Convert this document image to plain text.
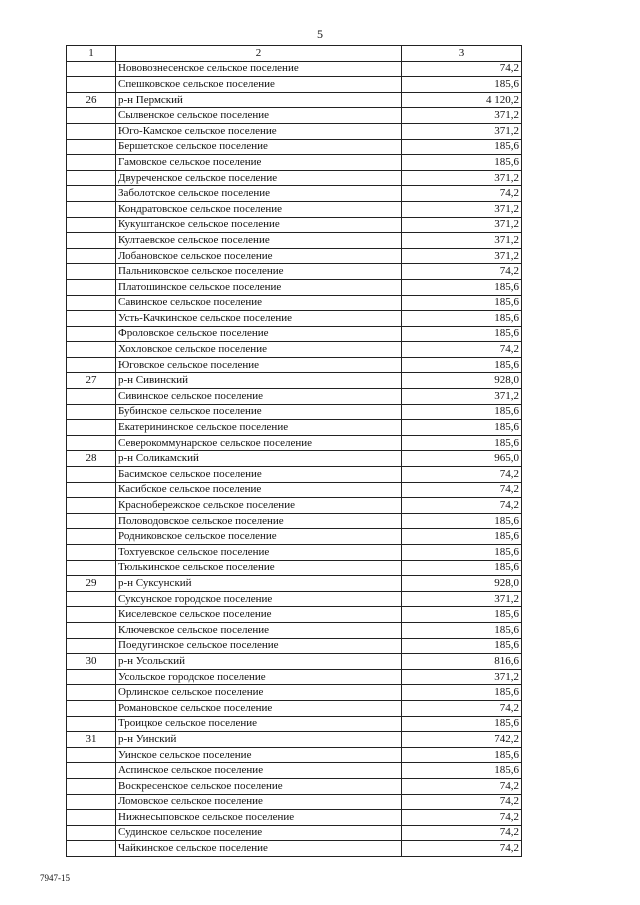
5
1	2	3
	Нововознесенское сельское поселение	74,2
	Спешковское сельское поселение	185,6
26	р-н Пермский	4 120,2
	Сылвенское сельское поселение	371,2
	Юго-Камское сельское поселение	371,2
	Бершетское сельское поселение	185,6
	Гамовское сельское поселение	185,6
	Двуреченское сельское поселение	371,2
	Заболотское сельское поселение	74,2
	Кондратовское сельское поселение	371,2
	Кукуштанское сельское поселение	371,2
	Култаевское сельское поселение	371,2
	Лобановское сельское поселение	371,2
	Пальниковское сельское поселение	74,2
	Платошинское сельское поселение	185,6
	Савинское сельское поселение	185,6
	Усть-Качкинское сельское поселение	185,6
	Фроловское сельское поселение	185,6
	Хохловское сельское поселение	74,2
	Юговское сельское поселение	185,6
27	р-н Сивинский	928,0
	Сивинское сельское поселение	371,2
	Бубинское сельское поселение	185,6
	Екатерининское сельское поселение	185,6
	Северокоммунарское сельское поселение	185,6
28	р-н Соликамский	965,0
	Басимское сельское поселение	74,2
	Касибское сельское поселение	74,2
	Краснобережское сельское поселение	74,2
	Половодовское сельское поселение	185,6
	Родниковское сельское поселение	185,6
	Тохтуевское сельское поселение	185,6
	Тюлькинское сельское поселение	185,6
29	р-н Суксунский	928,0
	Суксунское городское поселение	371,2
	Киселевское сельское поселение	185,6
	Ключевское сельское поселение	185,6
	Поедугинское сельское поселение	185,6
30	р-н Усольский	816,6
	Усольское городское поселение	371,2
	Орлинское сельское поселение	185,6
	Романовское сельское поселение	74,2
	Троицкое сельское поселение	185,6
31	р-н Уинский	742,2
	Уинское сельское поселение	185,6
	Аспинское сельское поселение	185,6
	Воскресенское сельское поселение	74,2
	Ломовское сельское поселение	74,2
	Нижнесыповское сельское поселение	74,2
	Судинское сельское поселение	74,2
	Чайкинское сельское поселение	74,2
7947-15
